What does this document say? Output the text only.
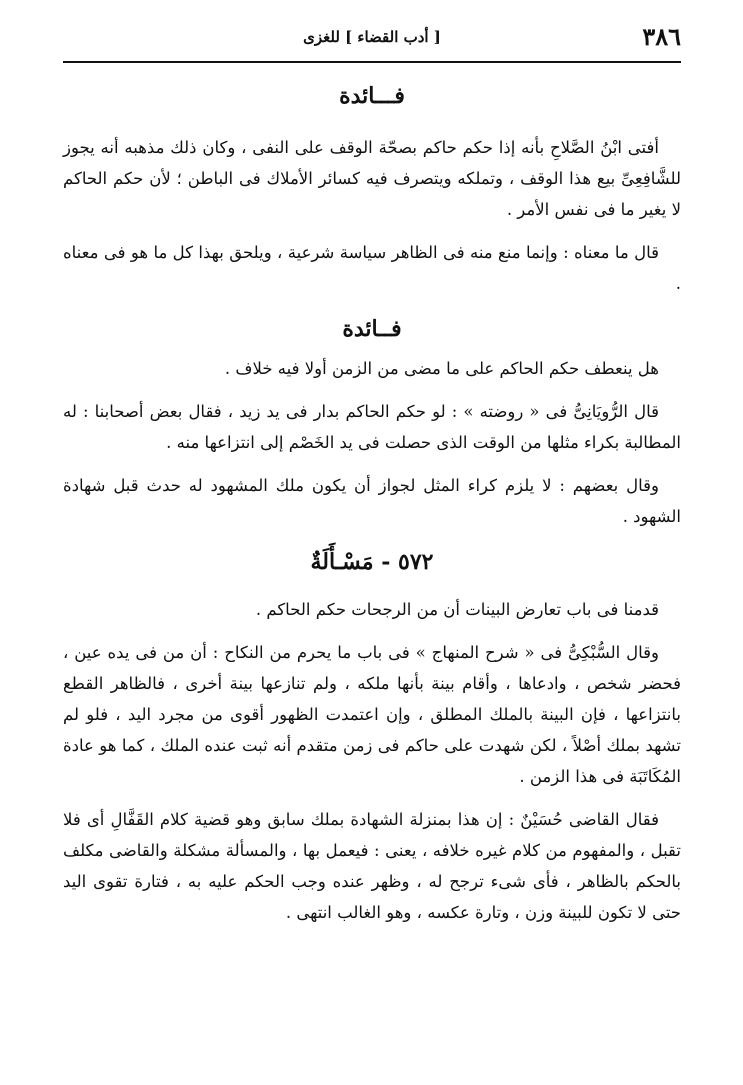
٣٨٦
[ أدب القضاء ] للغزى
فـــائدة

أفتى ابْنُ الصَّلاحِ بأنه إذا حكم حاكم بصحّة الوقف على النفى ، وكان ذلك مذهبه أنه يجوز للشَّافِعِىِّ بيع هذا الوقف ، وتملكه ويتصرف فيه كسائر الأملاك فى الباطن ؛ لأن حكم الحاكم لا يغير ما فى نفس الأمر .

قال ما معناه : وإنما منع منه فى الظاهر سياسة شرعية ، ويلحق بهذا كل ما هو فى معناه .

فــائدة

هل ينعطف حكم الحاكم على ما مضى من الزمن أولا فيه خلاف .

قال الرُّويَانِىُّ فى « روضته » : لو حكم الحاكم بدار فى يد زيد ، فقال بعض أصحابنا : له المطالبة بكراء مثلها من الوقت الذى حصلت فى يد الخَصْم إلى انتزاعها منه .

وقال بعضهم : لا يلزم كراء المثل لجواز أن يكون ملك المشهود له حدث قبل شهادة الشهود .

٥٧٢ - مَسْـأَلَةٌ

قدمنا فى باب تعارض البينات أن من الرجحات حكم الحاكم .

وقال السُّبْكِىُّ فى « شرح المنهاج » فى باب ما يحرم من النكاح : أن من فى يده عين ، فحضر شخص ، وادعاها ، وأقام بينة بأنها ملكه ، ولم تنازعها بينة أخرى ، فالظاهر القطع بانتزاعها ، فإن البينة بالملك المطلق ، وإن اعتمدت الظهور أقوى من مجرد اليد ، فلو لم تشهد بملك أصْلاً ، لكن شهدت على حاكم فى زمن متقدم أنه ثبت عنده الملك ، كما هو عادة المُكَاتَبَة فى هذا الزمن .

فقال القاضى حُسَيْنٌ : إن هذا بمنزلة الشهادة بملك سابق وهو قضية كلام القَفَّالِ أى فلا تقبل ، والمفهوم من كلام غيره خلافه ، يعنى : فيعمل بها ، والمسألة مشكلة والقاضى مكلف بالحكم بالظاهر ، فأى شىء ترجح له ، وظهر عنده وجب الحكم عليه به ، فتارة تقوى اليد حتى لا تكون للبينة وزن ، وتارة عكسه ، وهو الغالب انتهى .
